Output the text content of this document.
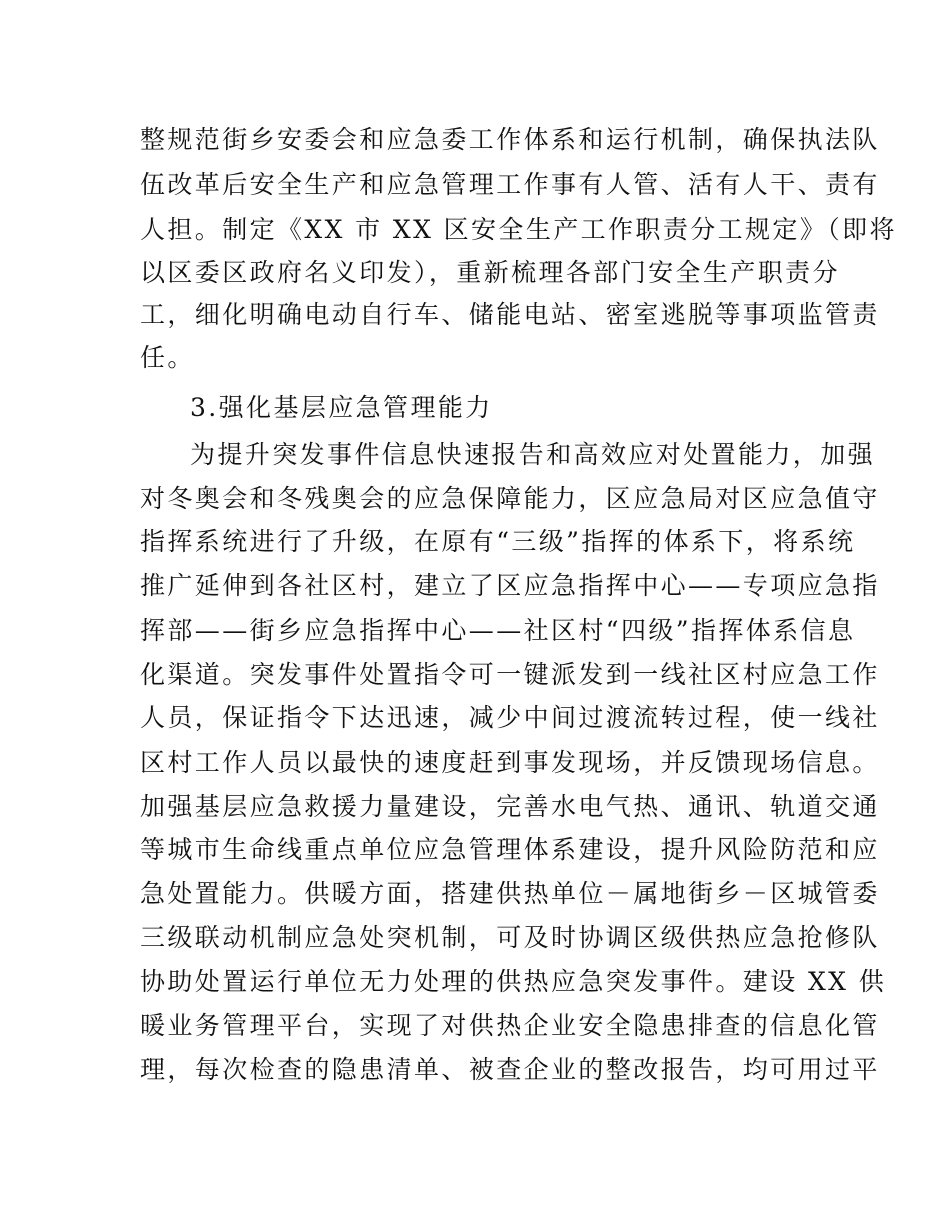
整规范街乡安委会和应急委工作体系和运行机制，确保执法队
伍改革后安全生产和应急管理工作事有人管、活有人干、责有
人担。制定《XX 市 XX 区安全生产工作职责分工规定》（即将
以区委区政府名义印发），重新梳理各部门安全生产职责分
工，细化明确电动自行车、储能电站、密室逃脱等事项监管责
任。
3.强化基层应急管理能力
为提升突发事件信息快速报告和高效应对处置能力，加强
对冬奥会和冬残奥会的应急保障能力，区应急局对区应急值守
指挥系统进行了升级，在原有“三级”指挥的体系下，将系统
推广延伸到各社区村，建立了区应急指挥中心——专项应急指
挥部——街乡应急指挥中心——社区村“四级”指挥体系信息
化渠道。突发事件处置指令可一键派发到一线社区村应急工作
人员，保证指令下达迅速，减少中间过渡流转过程，使一线社
区村工作人员以最快的速度赶到事发现场，并反馈现场信息。
加强基层应急救援力量建设，完善水电气热、通讯、轨道交通
等城市生命线重点单位应急管理体系建设，提升风险防范和应
急处置能力。供暖方面，搭建供热单位－属地街乡－区城管委
三级联动机制应急处突机制，可及时协调区级供热应急抢修队
协助处置运行单位无力处理的供热应急突发事件。建设 XX 供
暖业务管理平台，实现了对供热企业安全隐患排查的信息化管
理，每次检查的隐患清单、被查企业的整改报告，均可用过平
